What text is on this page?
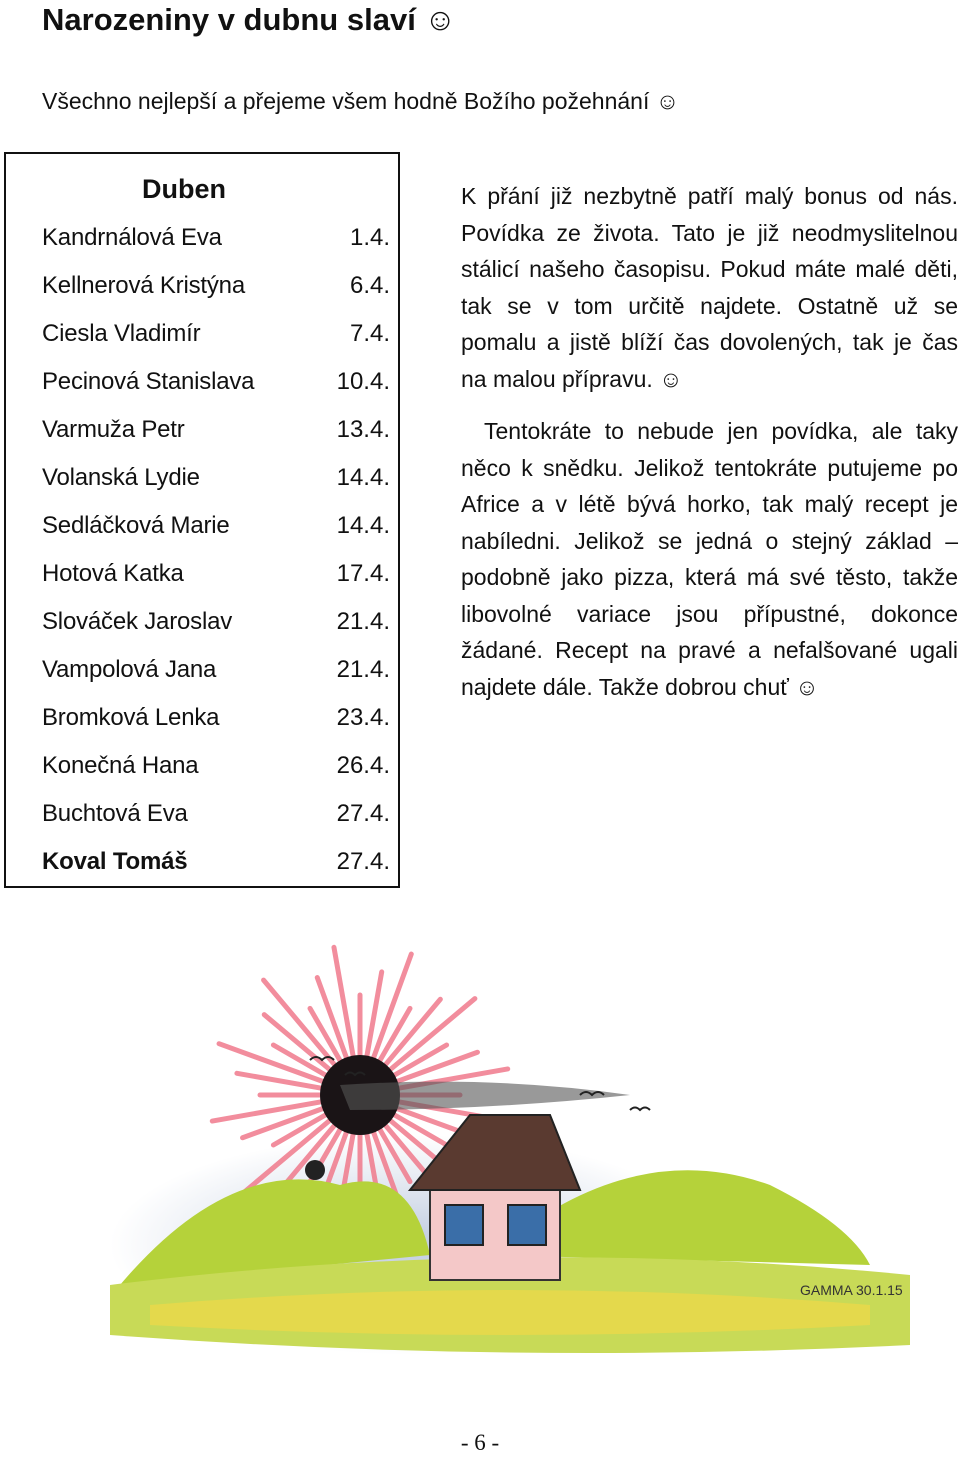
Narozeniny v dubnu slaví ☺
Všechno nejlepší a přejeme všem hodně Božího požehnání ☺
Duben
Kandrnálová Eva	1.4.
Kellnerová Kristýna	6.4.
Ciesla Vladimír	7.4.
Pecinová Stanislava	10.4.
Varmuža Petr	13.4.
Volanská Lydie	14.4.
Sedláčková Marie	14.4.
Hotová Katka	17.4.
Slováček Jaroslav	21.4.
Vampolová Jana	21.4.
Bromková Lenka	23.4.
Konečná Hana	26.4.
Buchtová Eva	27.4.
Koval Tomáš	27.4.

K přání již nezbytně patří malý bonus od nás. Povídka ze života. Tato je již neodmyslitelnou stálicí našeho časopisu. Pokud máte malé děti, tak se v tom určitě najdete. Ostatně už se pomalu a jistě blíží čas dovolených, tak je čas na malou přípravu. ☺

Tentokráte to nebude jen povídka, ale taky něco k snědku. Jelikož tentokráte putujeme po Africe a v létě bývá horko, tak malý recept je nabíledni. Jelikož se jedná o stejný základ – podobně jako pizza, která má své těsto, takže libovolné variace jsou přípustné, dokonce žádané. Recept na pravé a nefalšované ugali najdete dále. Takže dobrou chuť ☺

GAMMA 30.1.15
- 6 -
